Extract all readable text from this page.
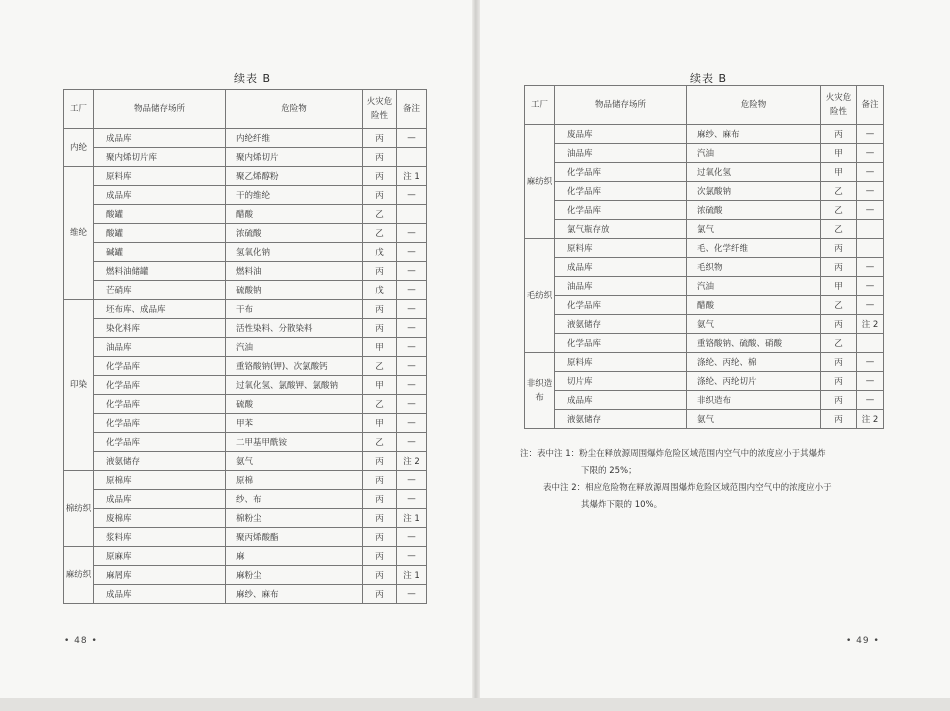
续表 B
工厂	物品储存场所	危险物	火灾危险性	备注
内纶	成品库	内纶纤维	丙	—
	聚内烯切片库	聚内烯切片	丙	
维纶	原料库	聚乙烯醇粉	丙	注 1
	成品库	干的维纶	丙	—
	酸罐	醋酸	乙	
	酸罐	浓硫酸	乙	—
	碱罐	氢氧化钠	戊	—
	燃料油储罐	燃料油	丙	—
	芒硝库	硫酸钠	戊	—
印染	坯布库、成品库	干布	丙	—
	染化料库	活性染料、分散染料	丙	—
	油品库	汽油	甲	—
	化学品库	重铬酸钠(钾)、次氯酸钙	乙	—
	化学品库	过氧化氢、氯酸钾、氯酸钠	甲	—
	化学品库	硫酸	乙	—
	化学品库	甲苯	甲	—
	化学品库	二甲基甲酰铵	乙	—
	液氨储存	氨气	丙	注 2
棉纺织	原棉库	原棉	丙	—
	成品库	纱、布	丙	—
	废棉库	棉粉尘	丙	注 1
	浆料库	聚丙烯酸酯	丙	—
麻纺织	原麻库	麻	丙	—
	麻屑库	麻粉尘	丙	注 1
	成品库	麻纱、麻布	丙	—
• 48 •
续表 B
工厂	物品储存场所	危险物	火灾危险性	备注
麻纺织	废品库	麻纱、麻布	丙	—
	油品库	汽油	甲	—
	化学品库	过氧化氢	甲	—
	化学品库	次氯酸钠	乙	—
	化学品库	浓硫酸	乙	—
	氯气瓶存放	氯气	乙	
毛纺织	原料库	毛、化学纤维	丙	
	成品库	毛织物	丙	—
	油品库	汽油	甲	—
	化学品库	醋酸	乙	—
	液氨储存	氨气	丙	注 2
	化学品库	重铬酸钠、硫酸、硝酸	乙	
非织造布	原料库	涤纶、丙纶、棉	丙	—
	切片库	涤纶、丙纶切片	丙	—
	成品库	非织造布	丙	—
	液氨储存	氨气	丙	注 2

注：表中注 1：粉尘在释放源周围爆炸危险区域范围内空气中的浓度应小于其爆炸

下限的 25%；

表中注 2：相应危险物在释放源周围爆炸危险区域范围内空气中的浓度应小于

其爆炸下限的 10%。

• 49 •
